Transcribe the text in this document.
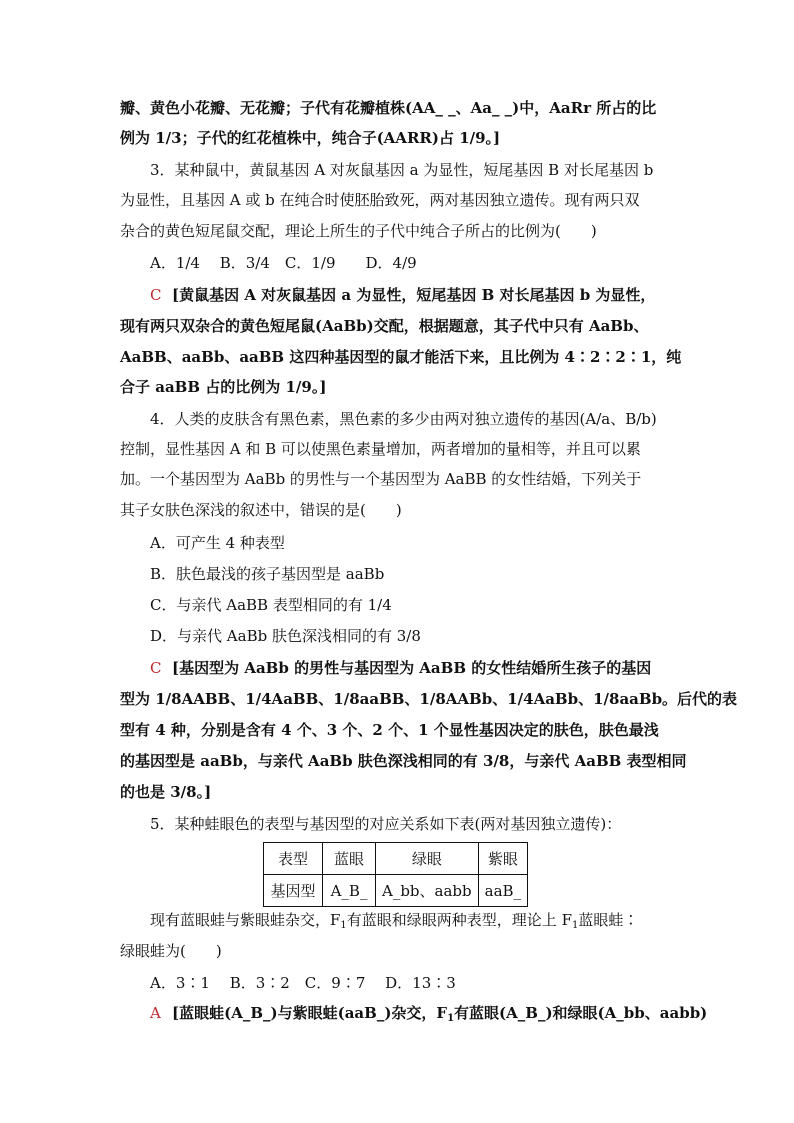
瓣、黄色小花瓣、无花瓣；子代有花瓣植株(AA_ _、Aa_ _)中，AaRr 所占的比
例为 1/3；子代的红花植株中，纯合子(AARR)占 1/9。]
3．某种鼠中，黄鼠基因 A 对灰鼠基因 a 为显性，短尾基因 B 对长尾基因 b
为显性，且基因 A 或 b 在纯合时使胚胎致死，两对基因独立遗传。现有两只双
杂合的黄色短尾鼠交配，理论上所生的子代中纯合子所占的比例为(　　)
A．1/4　 B．3/4　C．1/9　　D．4/9
C [黄鼠基因 A 对灰鼠基因 a 为显性，短尾基因 B 对长尾基因 b 为显性，
现有两只双杂合的黄色短尾鼠(AaBb)交配，根据题意，其子代中只有 AaBb、
AaBB、aaBb、aaBB 这四种基因型的鼠才能活下来，且比例为 4∶2∶2∶1，纯
合子 aaBB 占的比例为 1/9。]
4．人类的皮肤含有黑色素，黑色素的多少由两对独立遗传的基因(A/a、B/b)
控制，显性基因 A 和 B 可以使黑色素量增加，两者增加的量相等，并且可以累
加。一个基因型为 AaBb 的男性与一个基因型为 AaBB 的女性结婚，下列关于
其子女肤色深浅的叙述中，错误的是(　　)
A．可产生 4 种表型
B．肤色最浅的孩子基因型是 aaBb
C．与亲代 AaBB 表型相同的有 1/4
D．与亲代 AaBb 肤色深浅相同的有 3/8
C [基因型为 AaBb 的男性与基因型为 AaBB 的女性结婚所生孩子的基因
型为 1/8AABB、1/4AaBB、1/8aaBB、1/8AABb、1/4AaBb、1/8aaBb。后代的表
型有 4 种，分别是含有 4 个、3 个、2 个、1 个显性基因决定的肤色，肤色最浅
的基因型是 aaBb，与亲代 AaBb 肤色深浅相同的有 3/8，与亲代 AaBB 表型相同
的也是 3/8。]
5．某种蛙眼色的表型与基因型的对应关系如下表(两对基因独立遗传)：
表型	蓝眼	绿眼	紫眼
基因型	A_B_	A_bb、aabb	aaB_
现有蓝眼蛙与紫眼蛙杂交，$F_1$有蓝眼和绿眼两种表型，理论上 $F_1$蓝眼蛙∶
绿眼蛙为(　　)
A．3∶1　 B．3∶2　C．9∶7　 D．13∶3
A [蓝眼蛙(A_B_)与紫眼蛙(aaB_)杂交，$F_1$有蓝眼(A_B_)和绿眼(A_bb、aabb)
